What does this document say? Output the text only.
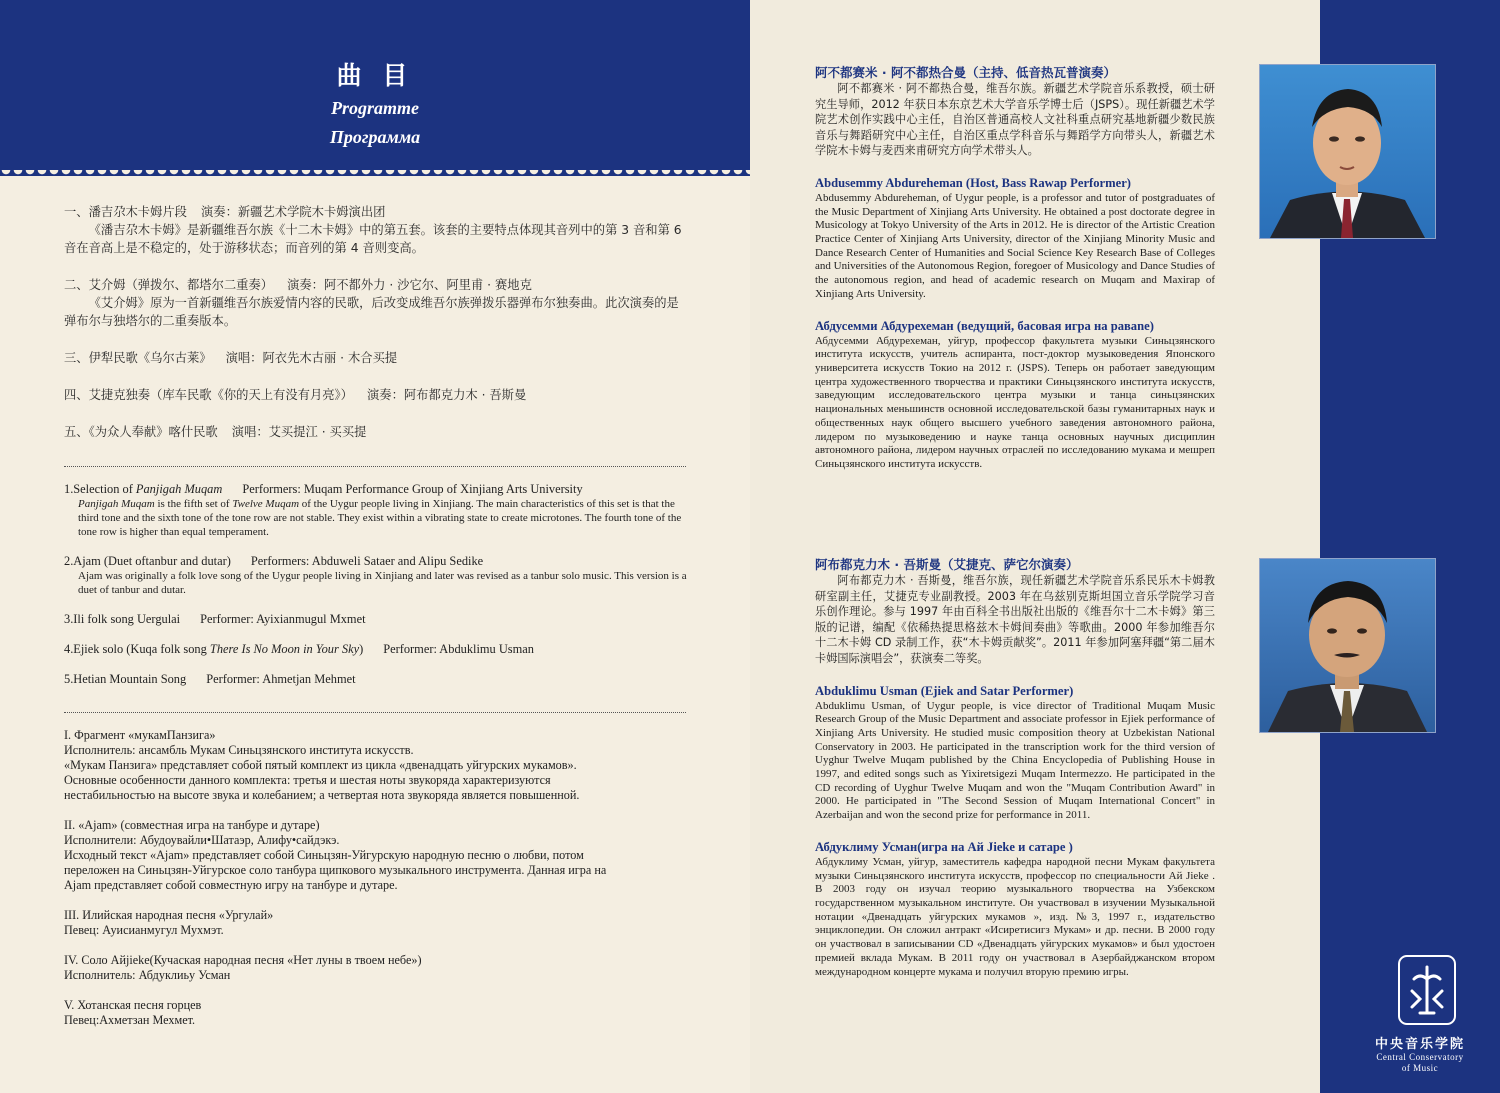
曲 目
Programme
Программа
一、潘吉尕木卡姆片段 演奏：新疆艺术学院木卡姆演出团
《潘吉尕木卡姆》是新疆维吾尔族《十二木卡姆》中的第五套。该套的主要特点体现其音列中的第 3 音和第 6 音在音高上是不稳定的，处于游移状态；而音列的第 4 音则变高。
二、艾介姆（弹拨尔、都塔尔二重奏） 演奏：阿不都外力 · 沙它尔、阿里甫 · 赛地克
《艾介姆》原为一首新疆维吾尔族爱情内容的民歌，后改变成维吾尔族弹拨乐器弹布尔独奏曲。此次演奏的是弹布尔与独塔尔的二重奏版本。
三、伊犁民歌《乌尔古莱》 演唱：阿衣先木古丽 · 木合买提
四、艾捷克独奏（库车民歌《你的天上有没有月亮》） 演奏：阿布都克力木 · 吾斯曼
五、《为众人奉献》喀什民歌 演唱：艾买提江 · 买买提
1.Selection of Panjigah Muqam Performers: Muqam Performance Group of Xinjiang Arts University
Panjigah Muqam is the fifth set of Twelve Muqam of the Uygur people living in Xinjiang. The main characteristics of this set is that the third tone and the sixth tone of the tone row are not stable. They exist within a vibrating state to create microtones. The fourth tone of the tone row is higher than equal temperament.
2.Ajam (Duet oftanbur and dutar) Performers: Abduweli Sataer and Alipu Sedike
Ajam was originally a folk love song of the Uygur people living in Xinjiang and later was revised as a tanbur solo music. This version is a duet of tanbur and dutar.
3.Ili folk song Uergulai Performer: Ayixianmugul Mxmet
4.Ejiek solo (Kuqa folk song There Is No Moon in Your Sky) Performer: Abduklimu Usman
5.Hetian Mountain Song Performer: Ahmetjan Mehmet
I. Фрагмент «мукамПанзига»
Исполнитель: ансамбль Мукам Синьцзянского института искусств.
«Мукам Панзига» представляет собой пятый комплект из цикла «двенадцать уйгурских мукамов».
Основные особенности данного комплекта: третья и шестая ноты звукоряда характеризуются
нестабильностью на высоте звука и колебанием; а четвертая нота звукоряда является повышенной.
II. «Ajam» (совместная игра на танбуре и дутаре)
Исполнители: Абудоувайли•Шатаэр, Алифу•сайдэкэ.
Исходный текст «Ajam» представляет собой Синьцзян-Уйгурскую народную песню о любви, потом
переложен на Синьцзян-Уйгурское соло танбура щипкового музыкального инструмента. Данная игра на
Ajam представляет собой совместную игру на танбуре и дутаре.
III. Илийская народная песня «Ургулай»
Певец: Ауисианмугул Мухмэт.
IV. Соло Aйjieke(Кучаская народная песня «Нет луны в твоем небе»)
Исполнитель: Абдуклиьу Усман
V. Хотанская песня горцев
Певец:Ахметзан Мехмет.
阿不都赛米 · 阿不都热合曼（主持、低音热瓦普演奏）
阿不都赛米 · 阿不都热合曼，维吾尔族。新疆艺术学院音乐系教授，硕士研究生导师，2012 年获日本东京艺术大学音乐学博士后（JSPS）。现任新疆艺术学院艺术创作实践中心主任，自治区普通高校人文社科重点研究基地新疆少数民族音乐与舞蹈研究中心主任，自治区重点学科音乐与舞蹈学方向带头人，新疆艺术学院木卡姆与麦西来甫研究方向学术带头人。
Abdusemmy Abdureheman (Host, Bass Rawap Performer)
Abdusemmy Abdureheman, of Uygur people, is a professor and tutor of postgraduates of the Music Department of Xinjiang Arts University. He obtained a post doctorate degree in Musicology at Tokyo University of the Arts in 2012. He is director of the Artistic Creation Practice Center of Xinjiang Arts University, director of the Xinjiang Minority Music and Dance Research Center of Humanities and Social Science Key Research Base of Colleges and Universities of the Autonomous Region, foregoer of Musicology and Dance Studies of the autonomous region, and head of academic research on Muqam and Maxirap of Xinjiang Arts University.
Абдусемми Абдурехеман (ведущий, басовая игра на раваnе)
Абдусемми Абдурехеман, уйгур, профессор факультета музыки Синьцзянского института искусств, учитель аспиранта, пост-доктор музыковедения Японского университета искусств Токио на 2012 г. (JSPS). Теперь он работает заведующим центра художественного творчества и практики Синьцзянского института искусств, заведующим исследовательского центра музыки и танца синьцзянских национальных меньшинств основной исследовательской базы гуманитарных наук и общественных наук общего высшего учебного заведения автономного района, лидером по музыковедению и науке танца основных научных дисциплин автономного района, лидером научных отраслей по исследованию мукама и мешреп Синьцзянского института искусств.
阿布都克力木 · 吾斯曼（艾捷克、萨它尔演奏）
阿布都克力木 · 吾斯曼，维吾尔族，现任新疆艺术学院音乐系民乐木卡姆教研室副主任，艾捷克专业副教授。2003 年在乌兹别克斯坦国立音乐学院学习音乐创作理论。参与 1997 年由百科全书出版社出版的《维吾尔十二木卡姆》第三版的记谱，编配《依稀热提思格兹木卡姆间奏曲》等歌曲。2000 年参加维吾尔十二木卡姆 CD 录制工作，获“木卡姆贡献奖”。2011 年参加阿塞拜疆“第二届木卡姆国际演唱会”，获演奏二等奖。
Abduklimu Usman (Ejiek and Satar Performer)
Abduklimu Usman, of Uygur people, is vice director of Traditional Muqam Music Research Group of the Music Department and associate professor in Ejiek performance of Xinjiang Arts University. He studied music composition theory at Uzbekistan National Conservatory in 2003. He participated in the transcription work for the third version of Uyghur Twelve Muqam published by the China Encyclopedia of Publishing House in 1997, and edited songs such as Yixiretsigezi Muqam Intermezzo. He participated in the CD recording of Uyghur Twelve Muqam and won the "Muqam Contribution Award" in 2000. He participated in "The Second Session of Muqam International Concert" in Azerbaijan and won the second prize for performance in 2011.
Абдуклиму Усман(игра на Ай Jieke и сатаре )
Абдуклиму Усман, уйгур, заместитель кафедра народной песни Мукам факультета музыки Синьцзянского института искусств, профессор по специальности Ай Jieke . В 2003 году он изучал теорию музыкального творчества на Узбекском государственном музыкальном институте. Он участвовал в изучении Музыкальной нотации «Двенадцать уйгурских мукамов », изд. №3, 1997 г., издательство энциклопедии. Он сложил антракт «Исиретисигз Мукам» и др. песни. В 2000 году он участвовал в записывании CD «Двенадцать уйгурских мукамов» и был удостоен премией вклада Мукам. В 2011 году он участвовал в Азербайджанском втором международном концерте мукама и получил вторую премию игры.
中央音乐学院
Central Conservatory
of Music
